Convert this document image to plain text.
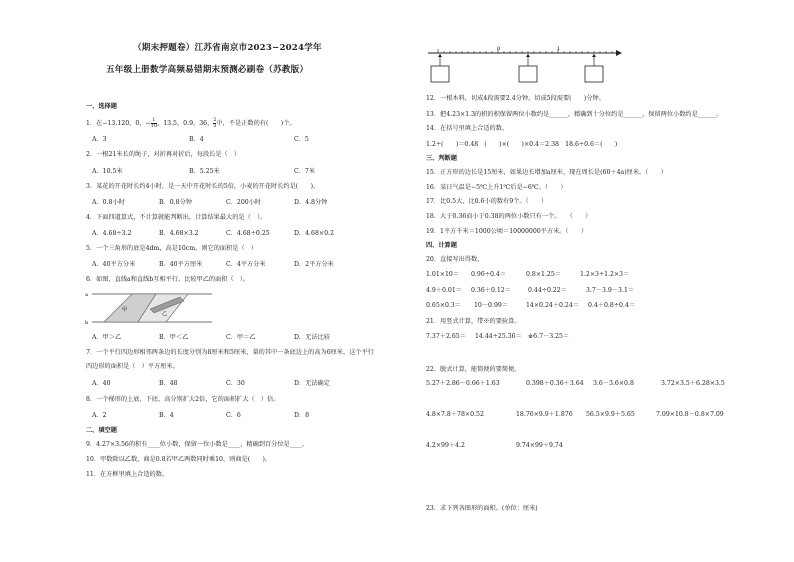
（期末押题卷）江苏省南京市2023−2024学年
五年级上册数学高频易错期末预测必刷卷（苏教版）
一、选择题
1．在−13.120，0，− $\frac{1}{10}$ ，13.5，0.9，36， $\frac{2}{3}$ 中，不是正数的有(　　)个。
A．3	B．4	C．5
2．一根21米长的绳子，对折再对折后，每段长是（　）
A．10.5米	B．5.25米	C．7米
3．某花的开花时长约4小时，是一天中开花时长的5倍，小麦的开花时长约是(　　)。
A．0.8小时	B．0.8分钟	C．200小时	D．4.8分钟
4．下面四道算式，不计算就能判断出，计算结果最大的是（　）。
A．4.68÷3.2	B．4.68×3.2	C．4.68÷0.25	D．4.68×0.2
5．一个三角形的底是4dm，高是10cm，则它的面积是（　）
A．40平方分米	B．40平方厘米	C．4平方分米	D．2平方分米
6．如图，直线a和直线b互相平行。比较甲乙的面积（　）。
a
b
甲
乙
A．甲＞乙	B．甲＜乙	C．甲＝乙	D．无法比较
7．一个平行四边形相邻两条边的长度分别为8厘米和5厘米，量的其中一条底边上的高为6厘米，这个平行
四边形的面积是（　）平方厘米。
A．40	B．48	C．30	D．无法确定
8．一个梯形的上底、下底、高分别扩大2倍，它的面积扩大（　）倍。
A．2	B．4	C．6	D．8
二、填空题
9．4.27×3.56的积有____位小数，保留一位小数是____，精确到百分位是____。
10．甲数除以乙数，商是0.8若甲乙两数同时乘10，则商是(　　)。
11．在方框里填上合适的数。
0	1
12．一根木料，切成4段需要2.4分钟，切成5段需要(　　)分钟。
13．把4.23×1.3的积的积保留两位小数约是______，精确到十分位约是______，保留两位小数约是______。
14．在括号里填上合适的数。
1.2÷(　　)＝0.48　(　　)×(　　)×0.4＝2.38　18.6÷0.6＝(　　)
三、判断题
15．正方形的边长是15厘米，如果边长增加a厘米，现在周长是(60＋4a)厘米。（　　）
16．某日气温是−5℃上升1℃后是−6℃。（　　）
17．比0.5大，比0.6小的数有9个。（　　）
18．大于0.36而小于0.38的两位小数只有一个。　　（　　）
19．1平方千米＝1000公顷＝10000000平方米。（　　）
四、计算题
20．直接写出得数。
1.01×10＝ 0.96÷0.4＝	0.8×1.25＝	1.2×3÷1.2×3＝
4.9＋0.01＝ 0.36＋0.12＝	0.44÷0.22＝	3.7－3.9－3.1＝
0.65×0.3＝ 10－0.99＝	14×0.24＋0.24＝ 0.4＋0.8÷0.4＝
21．用竖式计算，带※的要验算。
7.37＋2.65＝ 14.44÷25.36＝ ※6.7－3.25＝
22．脱式计算，能简便的要简便。
5.27＋2.86－0.66＋1.63	0.398＋0.36＋3.64 3.6－3.6×0.8	3.72×3.5＋6.28×3.5
4.8×7.8＋78×0.52	18.76×9.9＋1.876 56.5×9.9＋5.65	7.09×10.8－0.8×7.09
4.2×99＋4.2	9.74×99＋9.74
23．求下列各图形的面积。(单位：厘米)
